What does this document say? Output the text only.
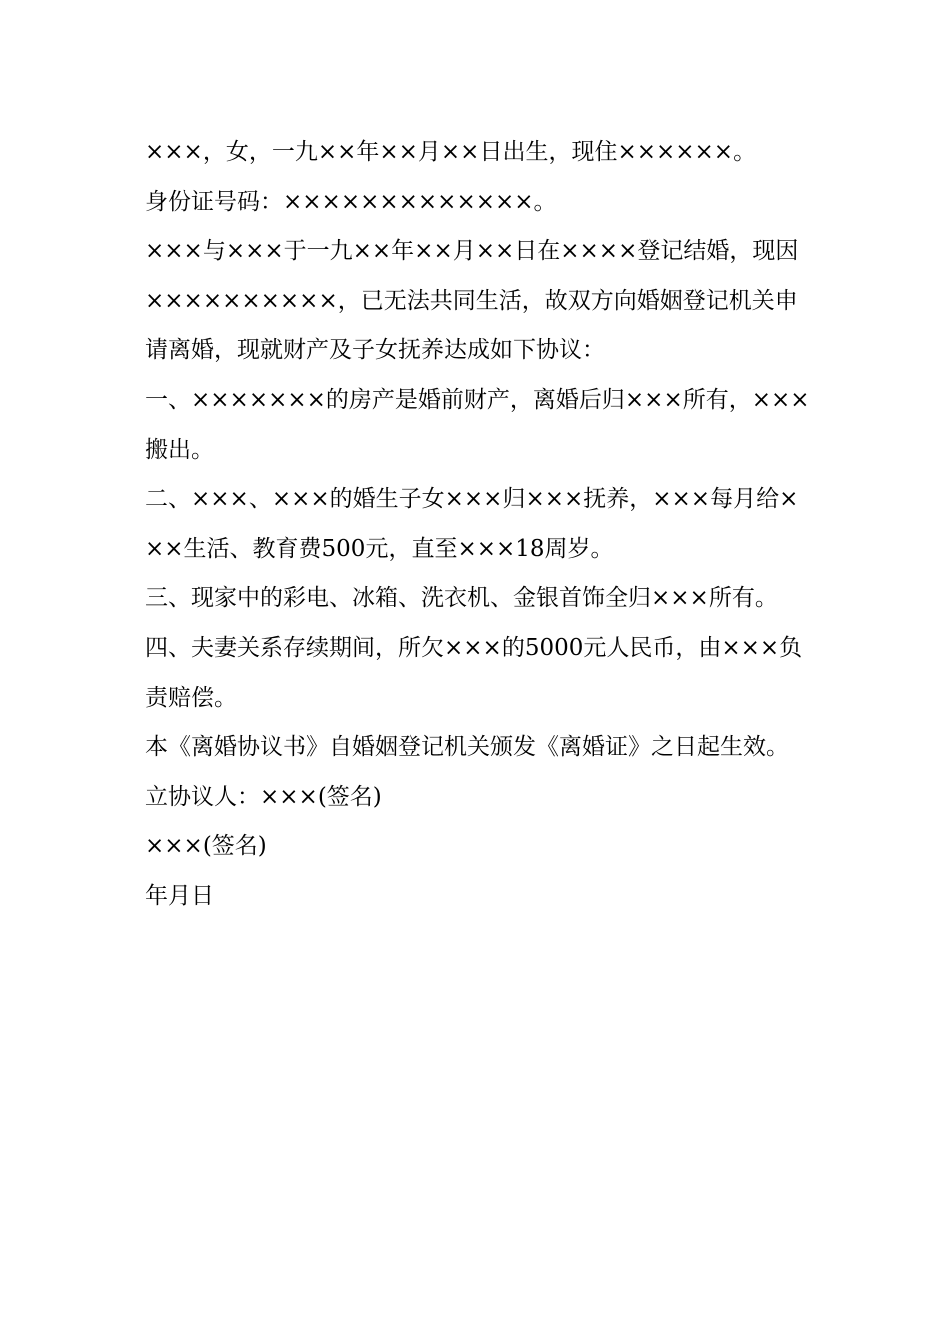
×××，女，一九××年××月××日出生，现住××××××。

身份证号码：×××××××××××××。

×××与×××于一九××年××月××日在××××登记结婚，现因××××××××××，已无法共同生活，故双方向婚姻登记机关申请离婚，现就财产及子女抚养达成如下协议：

一、×××××××的房产是婚前财产，离婚后归×××所有，×××搬出。

二、×××、×××的婚生子女×××归×××抚养，×××每月给×××生活、教育费500元，直至×××18周岁。

三、现家中的彩电、冰箱、洗衣机、金银首饰全归×××所有。

四、夫妻关系存续期间，所欠×××的5000元人民币，由×××负责赔偿。

本《离婚协议书》自婚姻登记机关颁发《离婚证》之日起生效。

立协议人：×××(签名)

×××(签名)

年月日
